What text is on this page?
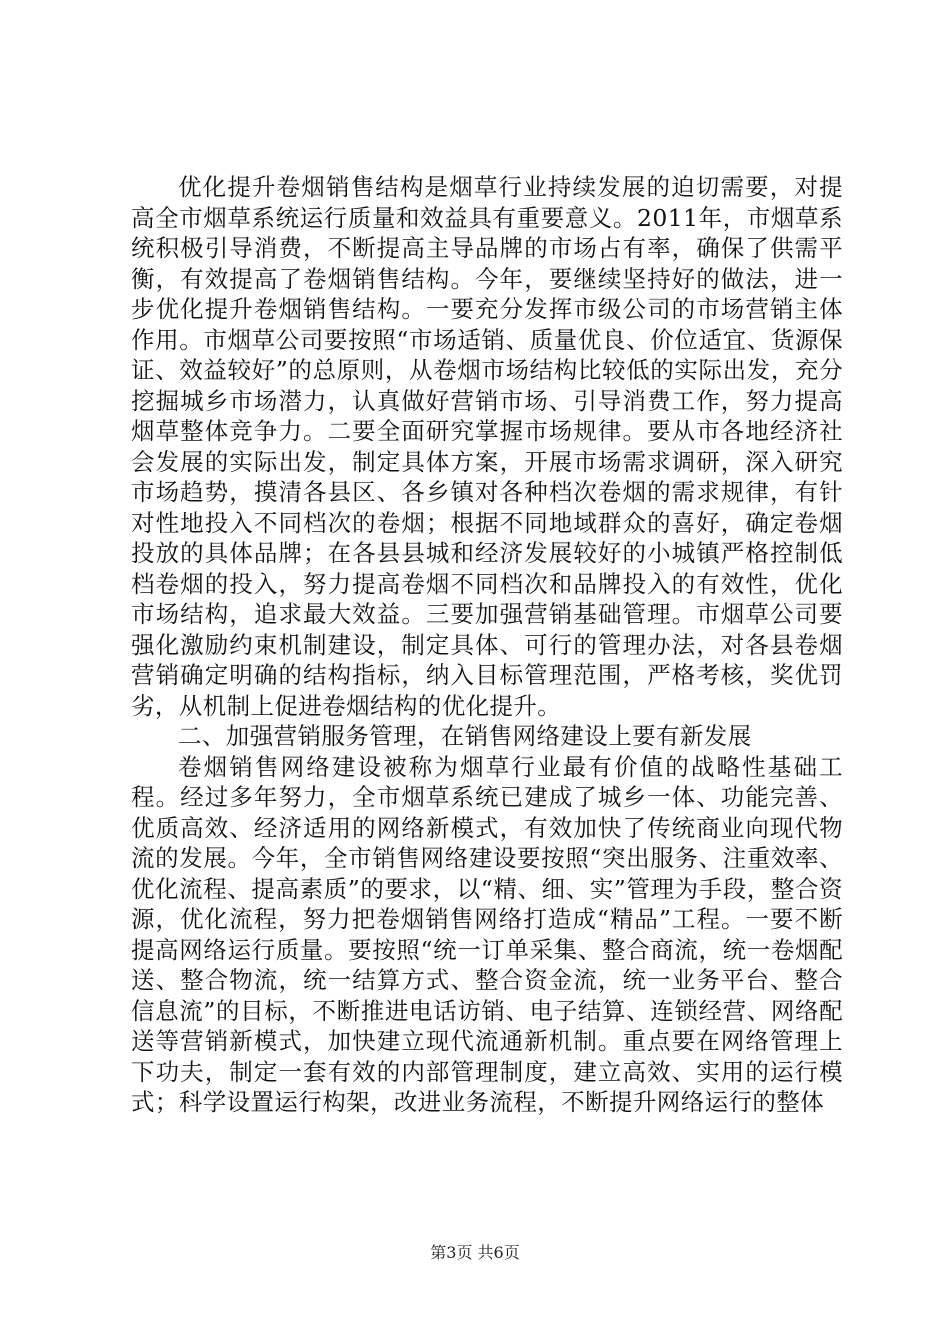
优化提升卷烟销售结构是烟草行业持续发展的迫切需要，对提高全市烟草系统运行质量和效益具有重要意义。2011年，市烟草系统积极引导消费，不断提高主导品牌的市场占有率，确保了供需平衡，有效提高了卷烟销售结构。今年，要继续坚持好的做法，进一步优化提升卷烟销售结构。一要充分发挥市级公司的市场营销主体作用。市烟草公司要按照“市场适销、质量优良、价位适宜、货源保证、效益较好”的总原则，从卷烟市场结构比较低的实际出发，充分挖掘城乡市场潜力，认真做好营销市场、引导消费工作，努力提高烟草整体竞争力。二要全面研究掌握市场规律。要从市各地经济社会发展的实际出发，制定具体方案，开展市场需求调研，深入研究市场趋势，摸清各县区、各乡镇对各种档次卷烟的需求规律，有针对性地投入不同档次的卷烟；根据不同地域群众的喜好，确定卷烟投放的具体品牌；在各县县城和经济发展较好的小城镇严格控制低档卷烟的投入，努力提高卷烟不同档次和品牌投入的有效性，优化市场结构，追求最大效益。三要加强营销基础管理。市烟草公司要强化激励约束机制建设，制定具体、可行的管理办法，对各县卷烟营销确定明确的结构指标，纳入目标管理范围，严格考核，奖优罚劣，从机制上促进卷烟结构的优化提升。

二、加强营销服务管理，在销售网络建设上要有新发展

卷烟销售网络建设被称为烟草行业最有价值的战略性基础工程。经过多年努力，全市烟草系统已建成了城乡一体、功能完善、优质高效、经济适用的网络新模式，有效加快了传统商业向现代物流的发展。今年，全市销售网络建设要按照“突出服务、注重效率、优化流程、提高素质”的要求，以“精、细、实”管理为手段，整合资源，优化流程，努力把卷烟销售网络打造成“精品”工程。一要不断提高网络运行质量。要按照“统一订单采集、整合商流，统一卷烟配送、整合物流，统一结算方式、整合资金流，统一业务平台、整合信息流”的目标，不断推进电话访销、电子结算、连锁经营、网络配送等营销新模式，加快建立现代流通新机制。重点要在网络管理上下功夫，制定一套有效的内部管理制度，建立高效、实用的运行模式；科学设置运行构架，改进业务流程，不断提升网络运行的整体

第3页 共6页
